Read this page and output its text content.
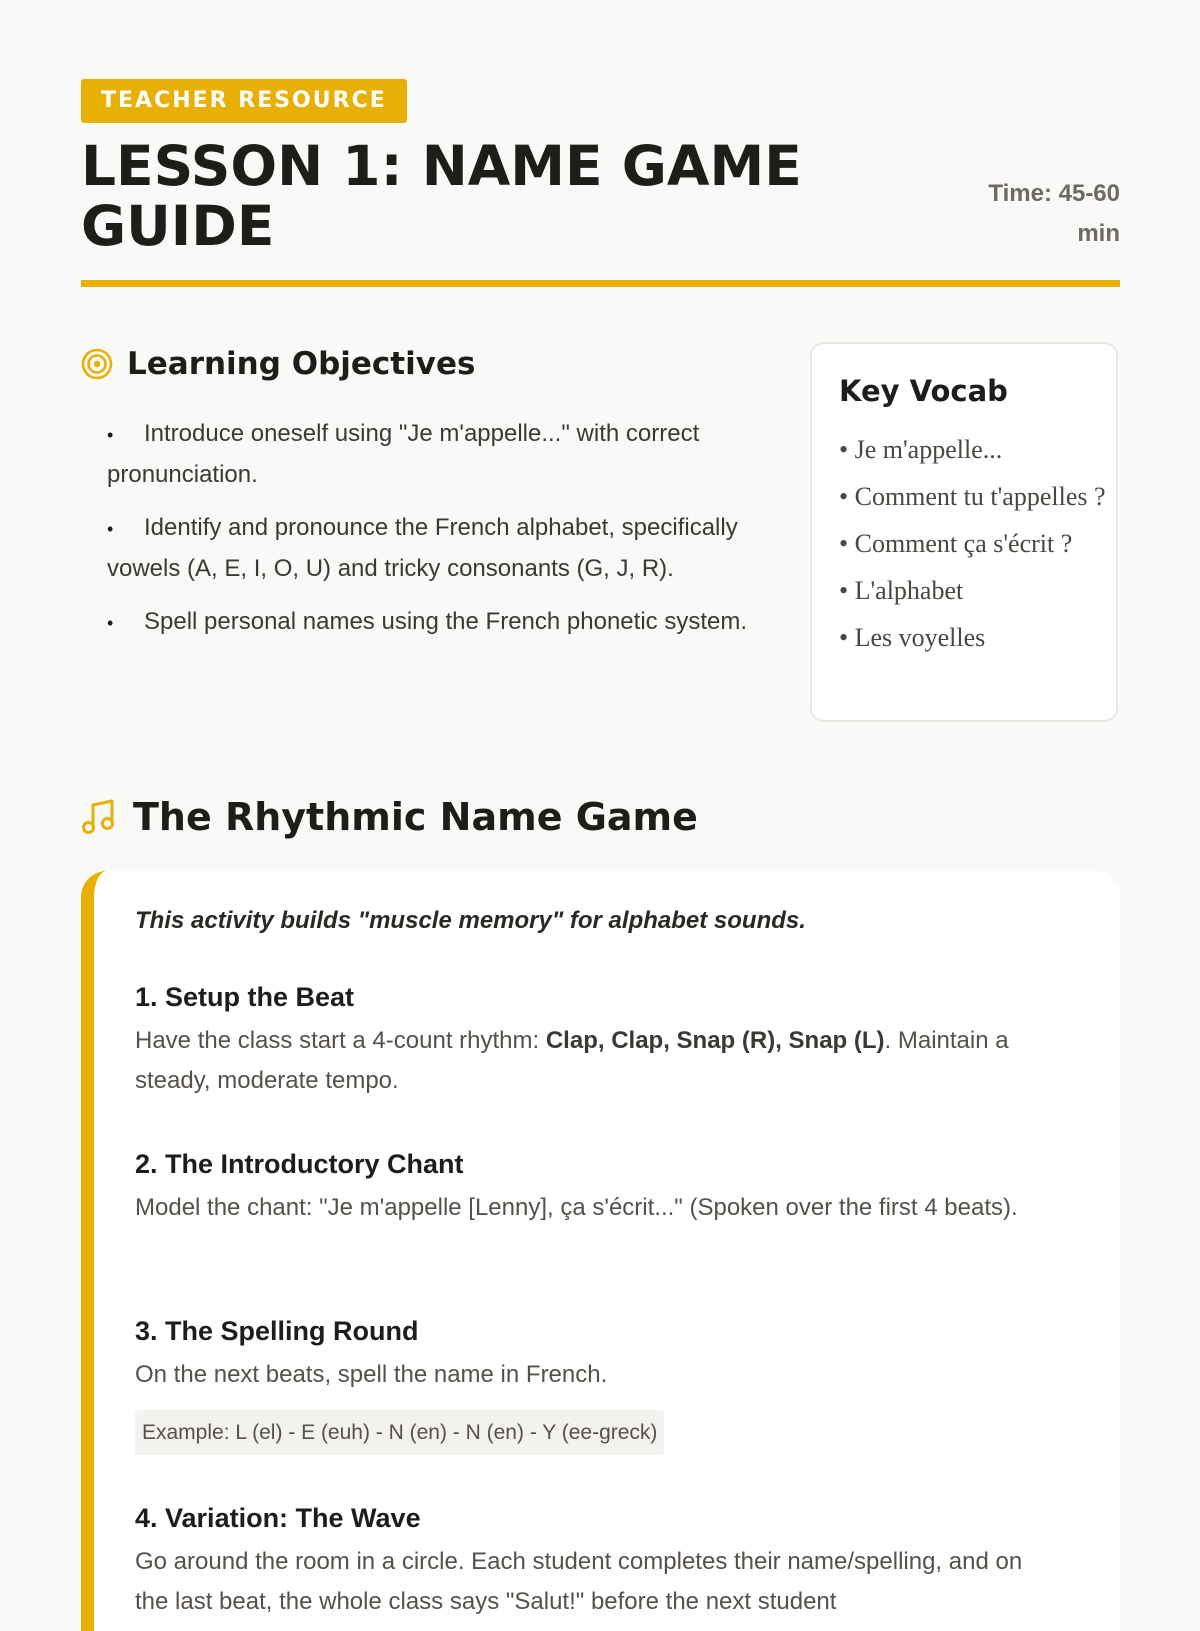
TEACHER RESOURCE
LESSON 1: NAME GAME GUIDE
Time: 45-60 min
Learning Objectives
• Introduce oneself using "Je m'appelle..." with correct pronunciation.
• Identify and pronounce the French alphabet, specifically vowels (A, E, I, O, U) and tricky consonants (G, J, R).
• Spell personal names using the French phonetic system.
Key Vocab
• Je m'appelle...
• Comment tu t'appelles ?
• Comment ça s'écrit ?
• L'alphabet
• Les voyelles
The Rhythmic Name Game

This activity builds "muscle memory" for alphabet sounds.

1. Setup the Beat

Have the class start a 4-count rhythm: Clap, Clap, Snap (R), Snap (L). Maintain a steady, moderate tempo.

2. The Introductory Chant

Model the chant: "Je m'appelle [Lenny], ça s'écrit..." (Spoken over the first 4 beats).

3. The Spelling Round

On the next beats, spell the name in French.

Example: L (el) - E (euh) - N (en) - N (en) - Y (ee-greck)
4. Variation: The Wave

Go around the room in a circle. Each student completes their name/spelling, and on the last beat, the whole class says "Salut!" before the next student
